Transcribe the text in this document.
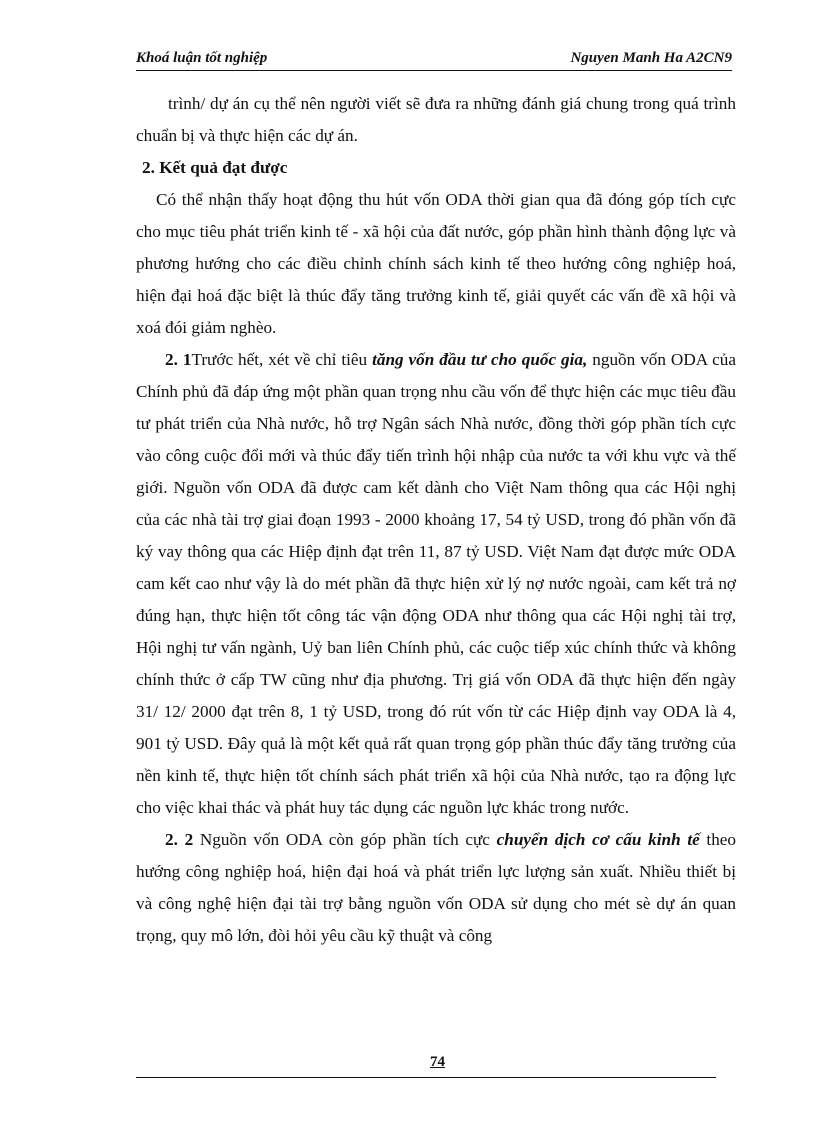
Khoá luận tốt nghiệp	Nguyen Manh Ha A2CN9

trình/ dự án cụ thể nên người viết sẽ đưa ra những đánh giá chung trong quá trình chuẩn bị và thực hiện các dự án.

2. Kết quả đạt được

Có thể nhận thấy hoạt động thu hút vốn ODA thời gian qua đã đóng góp tích cực cho mục tiêu phát triển kinh tế - xã hội của đất nước, góp phần hình thành động lực và phương hướng cho các điều chỉnh chính sách kinh tế theo hướng công nghiệp hoá, hiện đại hoá đặc biệt là thúc đẩy tăng trưởng kinh tế, giải quyết các vấn đề xã hội và xoá đói giảm nghèo.

2. 1Trước hết, xét về chỉ tiêu tăng vốn đầu tư cho quốc gia, nguồn vốn ODA của Chính phủ đã đáp ứng một phần quan trọng nhu cầu vốn để thực hiện các mục tiêu đầu tư phát triển của Nhà nước, hỗ trợ Ngân sách Nhà nước, đồng thời góp phần tích cực vào công cuộc đổi mới và thúc đẩy tiến trình hội nhập của nước ta với khu vực và thế giới. Nguồn vốn ODA đã được cam kết dành cho Việt Nam thông qua các Hội nghị của các nhà tài trợ giai đoạn 1993 - 2000 khoảng 17, 54 tỷ USD, trong đó phần vốn đã ký vay thông qua các Hiệp định đạt trên 11, 87 tỷ USD. Việt Nam đạt được mức ODA cam kết cao như vậy là do mét phần đã thực hiện xử lý nợ nước ngoài, cam kết trả nợ đúng hạn, thực hiện tốt công tác vận động ODA như thông qua các Hội nghị tài trợ, Hội nghị tư vấn ngành, Uỷ ban liên Chính phủ, các cuộc tiếp xúc chính thức và không chính thức ở cấp TW cũng như địa phương. Trị giá vốn ODA đã thực hiện đến ngày 31/ 12/ 2000 đạt trên 8, 1 tỷ USD, trong đó rút vốn từ các Hiệp định vay ODA là 4, 901 tỷ USD. Đây quả là một kết quả rất quan trọng góp phần thúc đẩy tăng trưởng của nền kinh tế, thực hiện tốt chính sách phát triển xã hội của Nhà nước, tạo ra động lực cho việc khai thác và phát huy tác dụng các nguồn lực khác trong nước.

2. 2 Nguồn vốn ODA còn góp phần tích cực chuyển dịch cơ cấu kinh tế theo hướng công nghiệp hoá, hiện đại hoá và phát triển lực lượng sản xuất. Nhiều thiết bị và công nghệ hiện đại tài trợ bằng nguồn vốn ODA sử dụng cho mét sè dự án quan trọng, quy mô lớn, đòi hỏi yêu cầu kỹ thuật và công

74
